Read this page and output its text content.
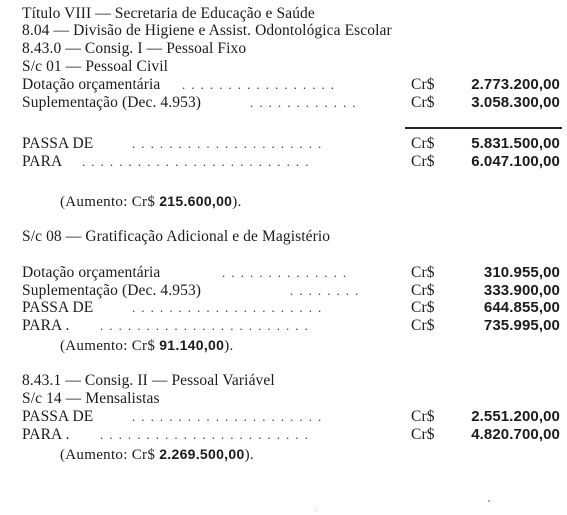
Título VIII — Secretaria de Educação e Saúde
8.04 — Divisão de Higiene e Assist. Odontológica Escolar
8.43.0 — Consig. I — Pessoal Fixo
S/c 01 — Pessoal Civil
Dotação orçamentária . . . . . . . . . . . . . . . . .	Cr$ 2.773.200,00
Suplementação (Dec. 4.953)	. . . . . . . . . . . .	Cr$ 3.058.300,00
PASSA DE	. . . . . . . . . . . . . . . . . . . . .	Cr$ 5.831.500,00
PARA . . . . . . . . . . . . . . . . . . . . . . . . .	Cr$ 6.047.100,00
(Aumento: Cr$ 215.600,00).
S/c 08 — Gratificação Adicional e de Magistério
Dotação orçamentária	. . . . . . . . . . . . . .	Cr$	310.955,00
Suplementação (Dec. 4.953)	. . . . . . . .	Cr$	333.900,00
PASSA DE	. . . . . . . . . . . . . . . . . . . . .	Cr$	644.855,00
PARA . . . . . . . . . . . . . . . . . . . . . . . .	Cr$	735.995,00
(Aumento: Cr$ 91.140,00).
8.43.1 — Consig. II — Pessoal Variável
S/c 14 — Mensalistas
PASSA DE	. . . . . . . . . . . . . . . . . . . . .	Cr$ 2.551.200,00
PARA . . . . . . . . . . . . . . . . . . . . . . . .	Cr$ 4.820.700,00
(Aumento: Cr$ 2.269.500,00).
